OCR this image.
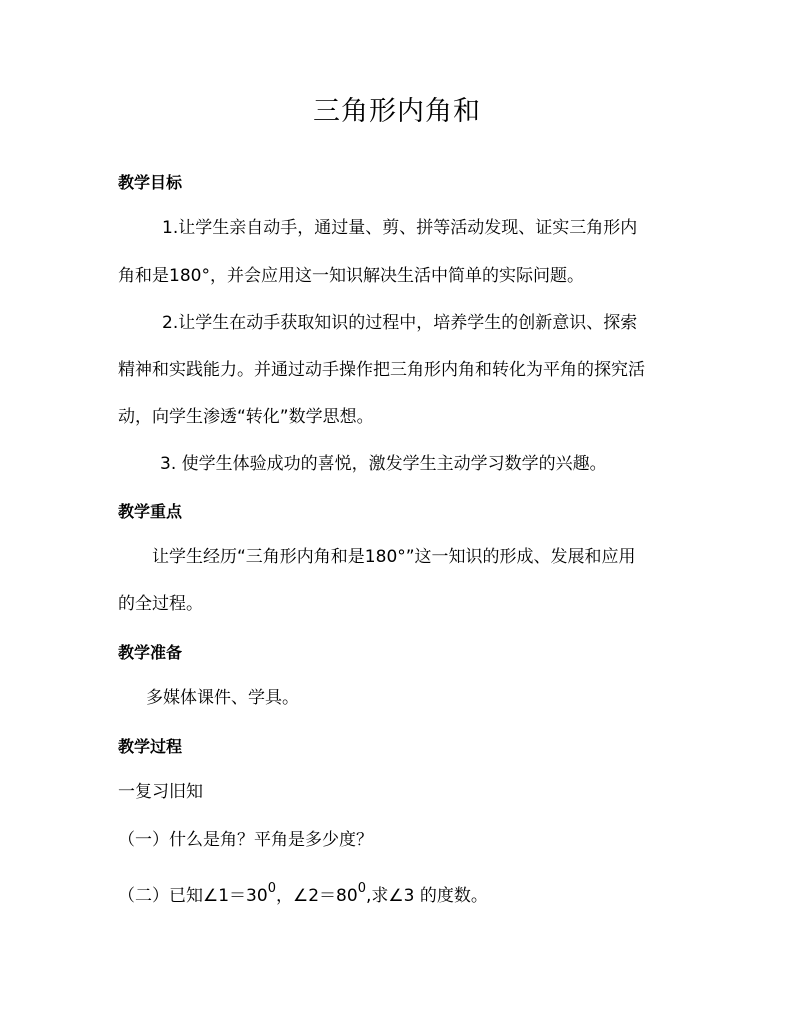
三角形内角和
教学目标
1.让学生亲自动手，通过量、剪、拼等活动发现、证实三角形内
角和是180°，并会应用这一知识解决生活中简单的实际问题。
2.让学生在动手获取知识的过程中，培养学生的创新意识、探索
精神和实践能力。并通过动手操作把三角形内角和转化为平角的探究活
动，向学生渗透“转化”数学思想。
3. 使学生体验成功的喜悦，激发学生主动学习数学的兴趣。
教学重点
让学生经历“三角形内角和是180°”这一知识的形成、发展和应用
的全过程。
教学准备
多媒体课件、学具。
教学过程
一复习旧知
（一）什么是角？平角是多少度？
（二）已知$\angle 1=30^0$，$\angle 2=80^0$,求∠3 的度数。
